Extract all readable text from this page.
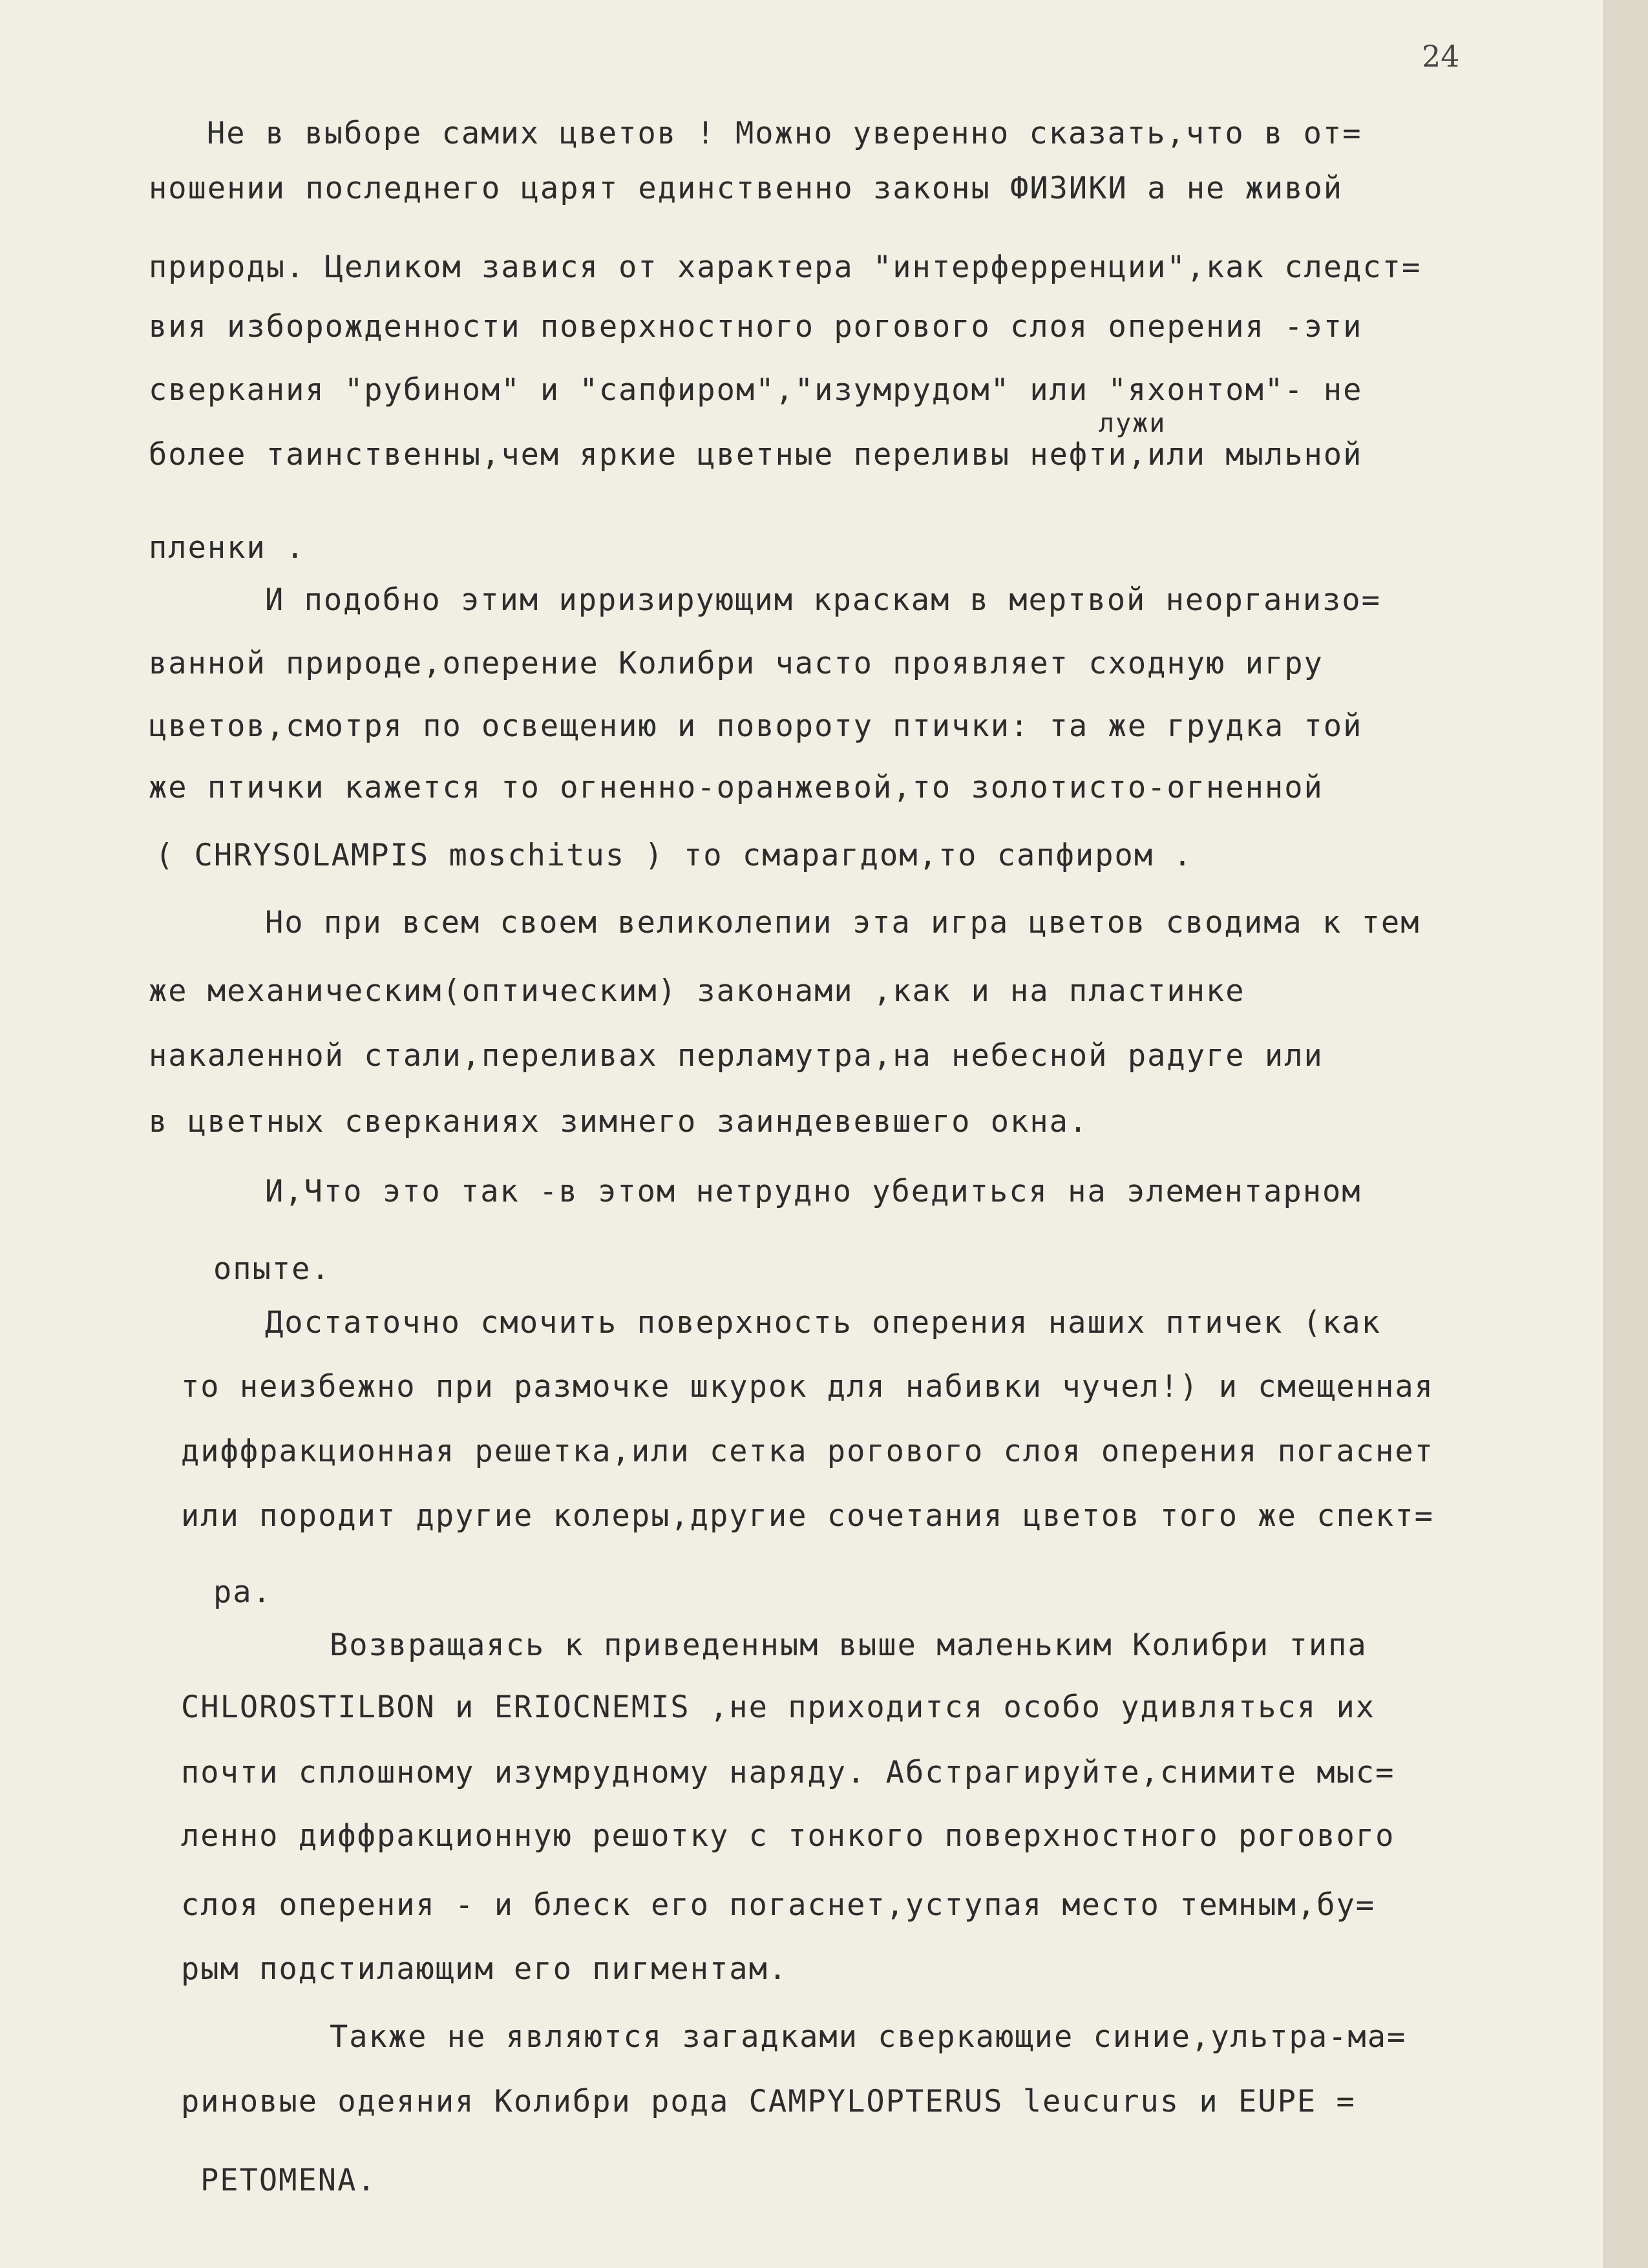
24
Не в выборе самих цветов ! Можно уверенно сказать,что в от=
ношении последнего царят единственно законы ФИЗИКИ а не живой
природы. Целиком завися от характера "интерферренции",как следст=
вия изборожденности поверхностного рогового слоя оперения -эти
сверкания "рубином" и "сапфиром","изумрудом" или "яхонтом"- не
лужи
более таинственны,чем яркие цветные переливы нефти,или мыльной
пленки .
И подобно этим ирризирующим краскам в мертвой неорганизо=
ванной природе,оперение Колибри часто проявляет сходную игру
цветов,смотря по освещению и повороту птички: та же грудка той
же птички кажется то огненно-оранжевой,то золотисто-огненной
( CHRYSOLAMPIS moschitus ) то смарагдом,то сапфиром .
Но при всем своем великолепии эта игра цветов сводима к тем
же механическим(оптическим) законами ,как и на пластинке
накаленной стали,переливах перламутра,на небесной радуге или
в цветных сверканиях зимнего заиндевевшего окна.
И,Что это так -в этом нетрудно убедиться на элементарном
опыте.
Достаточно смочить поверхность оперения наших птичек (как
то неизбежно при размочке шкурок для набивки чучел!) и смещенная
диффракционная решетка,или сетка рогового слоя оперения погаснет
или породит другие колеры,другие сочетания цветов того же спект=
ра.
Возвращаясь к приведенным выше маленьким Колибри типа
CHLOROSTILBON и ERIOCNEMIS ,не приходится особо удивляться их
почти сплошному изумрудному наряду. Абстрагируйте,снимите мыс=
ленно диффракционную решотку с тонкого поверхностного рогового
слоя оперения - и блеск его погаснет,уступая место темным,бу=
рым подстилающим его пигментам.
Также не являются загадками сверкающие синие,ультра-ма=
риновые одеяния Колибри рода CAMPYLOPTERUS leucurus и EUPE =
PETOMENA.
